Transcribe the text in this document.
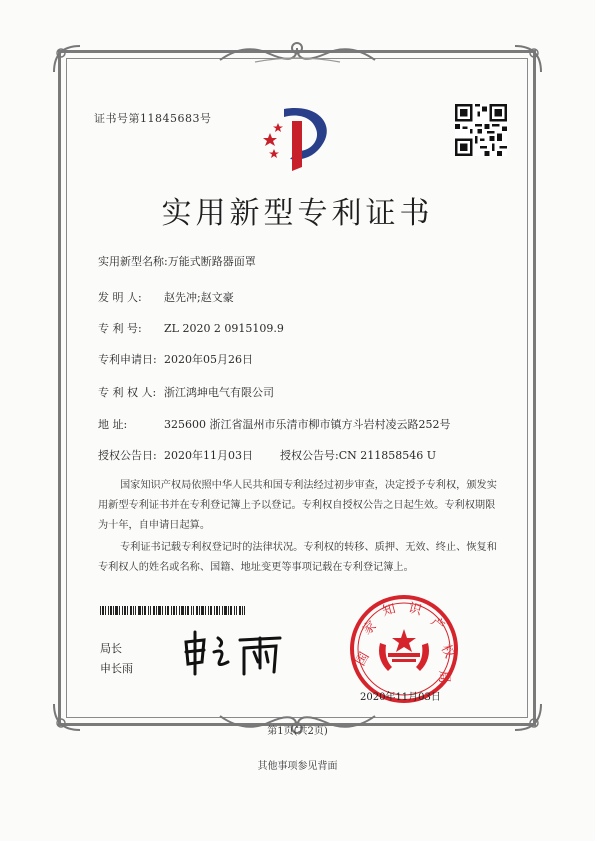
证书号第11845683号
实用新型专利证书
实用新型名称:万能式断路器面罩
发 明 人: 赵先冲;赵文豪
专 利 号: ZL 2020 2 0915109.9
专利申请日: 2020年05月26日
专 利 权 人: 浙江鸿坤电气有限公司
地 址:	325600 浙江省温州市乐清市柳市镇方斗岩村凌云路252号
授权公告日: 2020年11月03日 授权公告号:CN 211858546 U
国家知识产权局依照中华人民共和国专利法经过初步审查，决定授予专利权，颁发实用新型专利证书并在专利登记簿上予以登记。专利权自授权公告之日起生效。专利权期限为十年，自申请日起算。
专利证书记载专利权登记时的法律状况。专利权的转移、质押、无效、终止、恢复和专利权人的姓名或名称、国籍、地址变更等事项记载在专利登记簿上。
局长
申长雨	国
家
知 识
产
权
局
2020年11月03日
第1页(共2页)
其他事项参见背面
